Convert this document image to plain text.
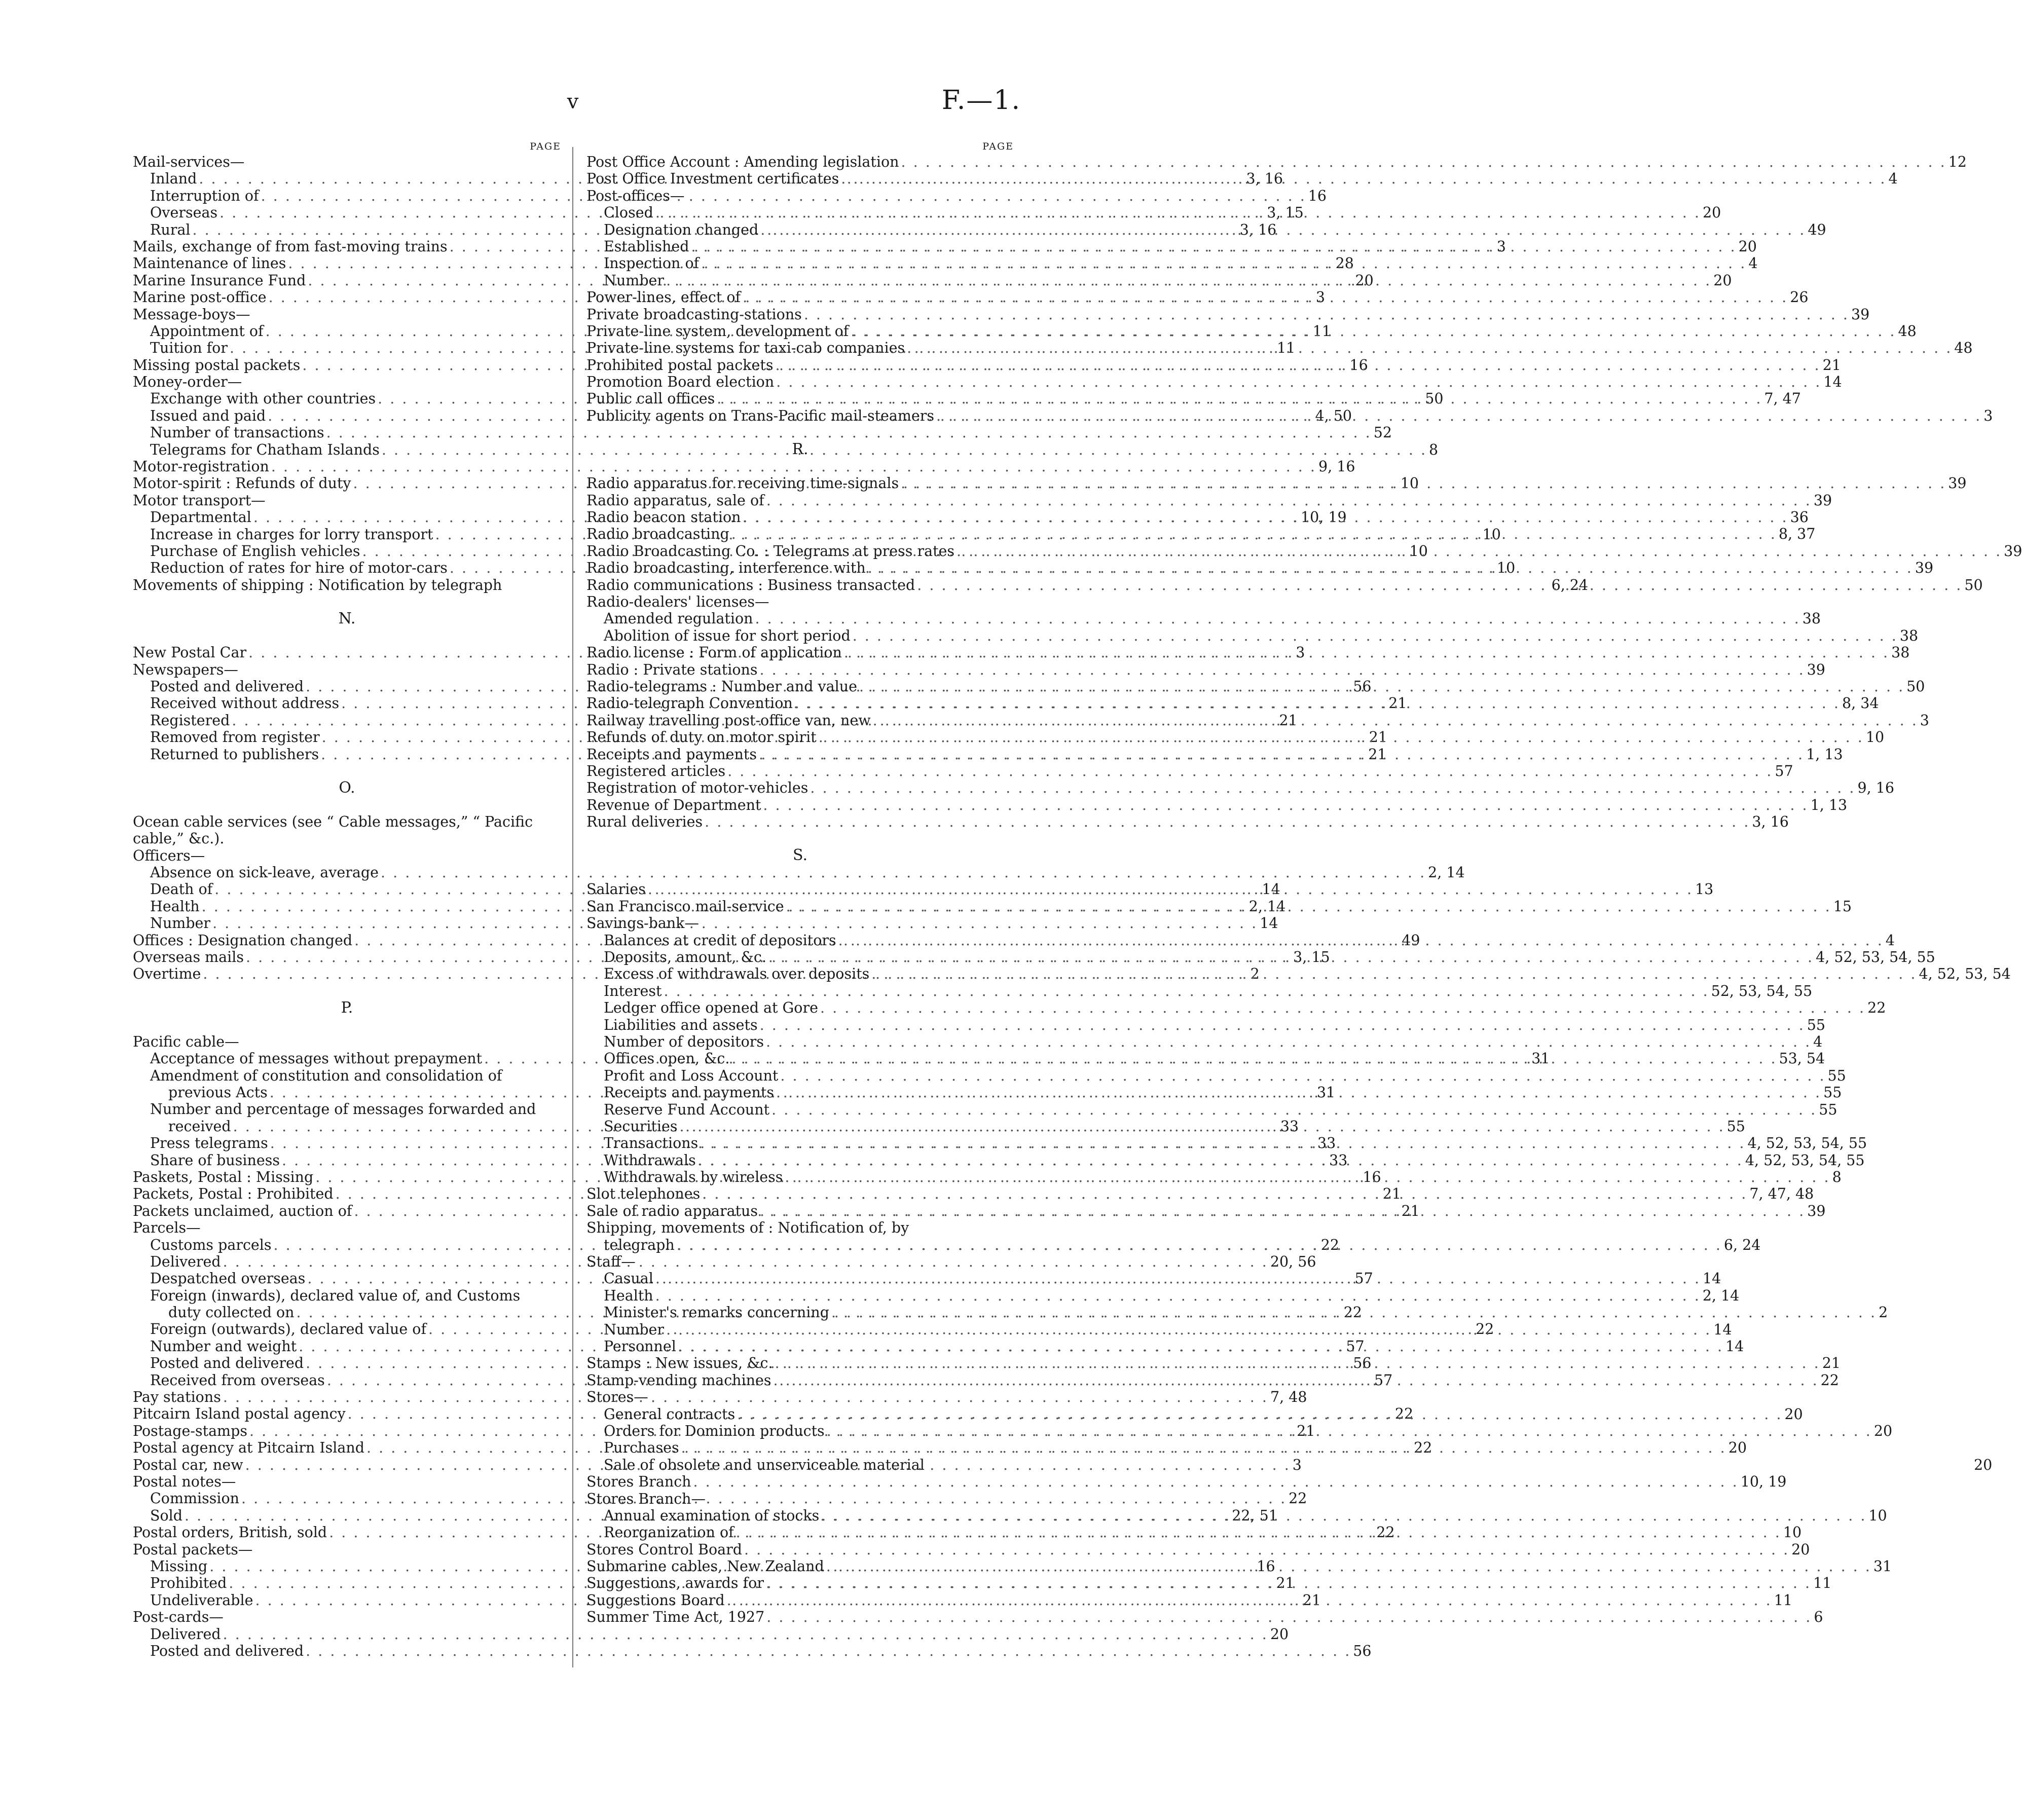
v	F.—1.
PAGE
Mail-services—
Inland . . .	3, 16
Interruption of . . .	16
Overseas . . .	3, 15
Rural . . .	3, 16
Mails, exchange of from fast-moving trains . . .	3
Maintenance of lines . . .	28
Marine Insurance Fund . . .	20
Marine post-office . . .	3
Message-boys—
Appointment of . . .	11
Tuition for . . .	11
Missing postal packets . . .	16
Money-order—
Exchange with other countries . . .	50
Issued and paid . . .	4, 50
Number of transactions . . .	52
Telegrams for Chatham Islands . . .	8
Motor-registration . . .	9, 16
Motor-spirit : Refunds of duty . . .	10
Motor transport—
Departmental . . .	10, 19
Increase in charges for lorry transport . . .	10
Purchase of English vehicles . . .	10
Reduction of rates for hire of motor-cars . . .	10
Movements of shipping : Notification by telegraph	6, 24
N.
New Postal Car . . .	3
Newspapers—
Posted and delivered . . .	56
Received without address . . .	21
Registered . . .	21
Removed from register . . .	21
Returned to publishers . . .	21
O.
Ocean cable services (see “ Cable messages,” “ Pacific cable,” &c.).
Officers—
Absence on sick-leave, average . . .	2, 14
Death of . . .	14
Health . . .	2, 14
Number . . .	14
Offices : Designation changed . . .	49
Overseas mails . . .	3, 15
Overtime . . .	2
P.
Pacific cable—
Acceptance of messages without prepayment . . .	31
Amendment of constitution and consolidation of
previous Acts . . .	31
Number and percentage of messages forwarded and
received . . .	33
Press telegrams . . .	33
Share of business . . .	33
Paskets, Postal : Missing . . .	16
Packets, Postal : Prohibited . . .	21
Packets unclaimed, auction of . . .	21
Parcels—
Customs parcels . . .	22
Delivered . . .	20, 56
Despatched overseas . . .	57
Foreign (inwards), declared value of, and Customs
duty collected on . . .	22
Foreign (outwards), declared value of . . .	22
Number and weight . . .	57
Posted and delivered . . .	56
Received from overseas . . .	57
Pay stations . . .	7, 48
Pitcairn Island postal agency . . .	22
Postage-stamps . . .	21
Postal agency at Pitcairn Island . . .	22
Postal car, new . . .	3
Postal notes—
Commission . . .	22
Sold . . .	22, 51
Postal orders, British, sold . . .	22
Postal packets—
Missing . . .	16
Prohibited . . .	21
Undeliverable . . .	21
Post-cards—
Delivered . . .	20
Posted and delivered . . .	56
PAGE
Post Office Account : Amending legislation . . .	12
Post Office Investment certificates . . .	4
Post-offices—
Closed . . .	20
Designation changed . . .	49
Established . . .	20
Inspection of . . .	4
Number . . .	20
Power-lines, effect of . . .	26
Private broadcasting-stations . . .	39
Private-line system, development of . . .	48
Private-line systems for taxi-cab companies . . .	48
Prohibited postal packets . . .	21
Promotion Board election . . .	14
Public call offices . . .	7, 47
Publicity agents on Trans-Pacific mail-steamers . . .	3
R.
Radio apparatus for receiving time-signals . . .	39
Radio apparatus, sale of . . .	39
Radio beacon station . . .	36
Radio broadcasting . . .	8, 37
Radio Broadcasting Co. : Telegrams at press rates . . .	39
Radio broadcasting, interference with . . .	39
Radio communications : Business transacted . . .	50
Radio-dealers' licenses—
Amended regulation . . .	38
Abolition of issue for short period . . .	38
Radio license : Form of application . . .	38
Radio : Private stations . . .	39
Radio-telegrams : Number and value . . .	50
Radio-telegraph Convention . . .	8, 34
Railway travelling post-office van, new . . .	3
Refunds of duty on motor spirit . . .	10
Receipts and payments . . .	1, 13
Registered articles . . .	57
Registration of motor-vehicles . . .	9, 16
Revenue of Department . . .	1, 13
Rural deliveries . . .	3, 16
S.
Salaries . . .	13
San Francisco mail-service . . .	15
Savings-bank—
Balances at credit of depositors . . .	4
Deposits, amount, &c. . . .	4, 52, 53, 54, 55
Excess of withdrawals over deposits . . .	4, 52, 53, 54
Interest . . .	52, 53, 54, 55
Ledger office opened at Gore . . .	22
Liabilities and assets . . .	55
Number of depositors . . .	4
Offices open, &c. . . .	53, 54
Profit and Loss Account . . .	55
Receipts and payments . . .	55
Reserve Fund Account . . .	55
Securities . . .	55
Transactions . . .	4, 52, 53, 54, 55
Withdrawals . . .	4, 52, 53, 54, 55
Withdrawals by wireless . . .	8
Slot telephones . . .	7, 47, 48
Sale of radio apparatus . . .	39
Shipping, movements of : Notification of, by
telegraph . . .	6, 24
Staff—
Casual . . .	14
Health . . .	2, 14
Minister's remarks concerning . . .	2
Number . . .	14
Personnel . . .	14
Stamps : New issues, &c. . . .	21
Stamp-vending machines . . .	22
Stores—
General contracts . . .	20
Orders for Dominion products . . .	20
Purchases . . .	20
Sale of obsolete and unserviceable material	20
Stores Branch . . .	10, 19
Stores Branch—
Annual examination of stocks . . .	10
Reorganization of . . .	10
Stores Control Board . . .	20
Submarine cables, New Zealand . . .	31
Suggestions, awards for . . .	11
Suggestions Board . . .	11
Summer Time Act, 1927 . . .	6
